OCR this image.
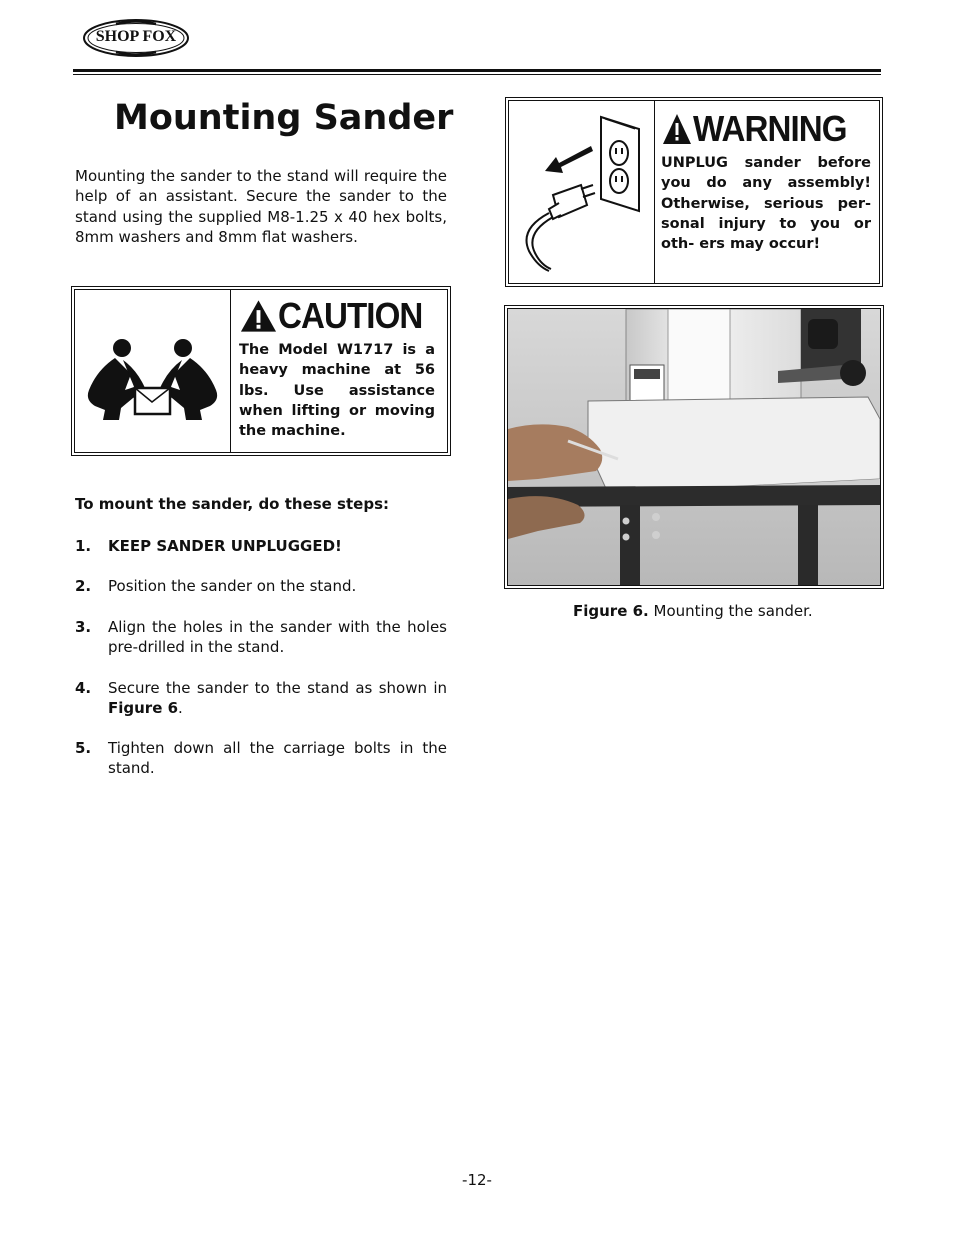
SHOP FOX
Mounting Sander

Mounting the sander to the stand will require the help of an assistant. Secure the sander to the stand using the supplied M8-1.25 x 40 hex bolts, 8mm washers and 8mm flat washers.

CAUTION

The Model W1717 is a heavy machine at 56 lbs. Use assistance when lifting or moving the machine.

WARNING

UNPLUG sander before you do any assembly! Otherwise, serious per- sonal injury to you or oth- ers may occur!

Figure 6. Mounting the sander.
To mount the sander, do these steps:
1. KEEP SANDER UNPLUGGED!
2. Position the sander on the stand.
3. Align the holes in the sander with the holes pre-drilled in the stand.
4. Secure the sander to the stand as shown in Figure 6.
5. Tighten down all the carriage bolts in the stand.
-12-
